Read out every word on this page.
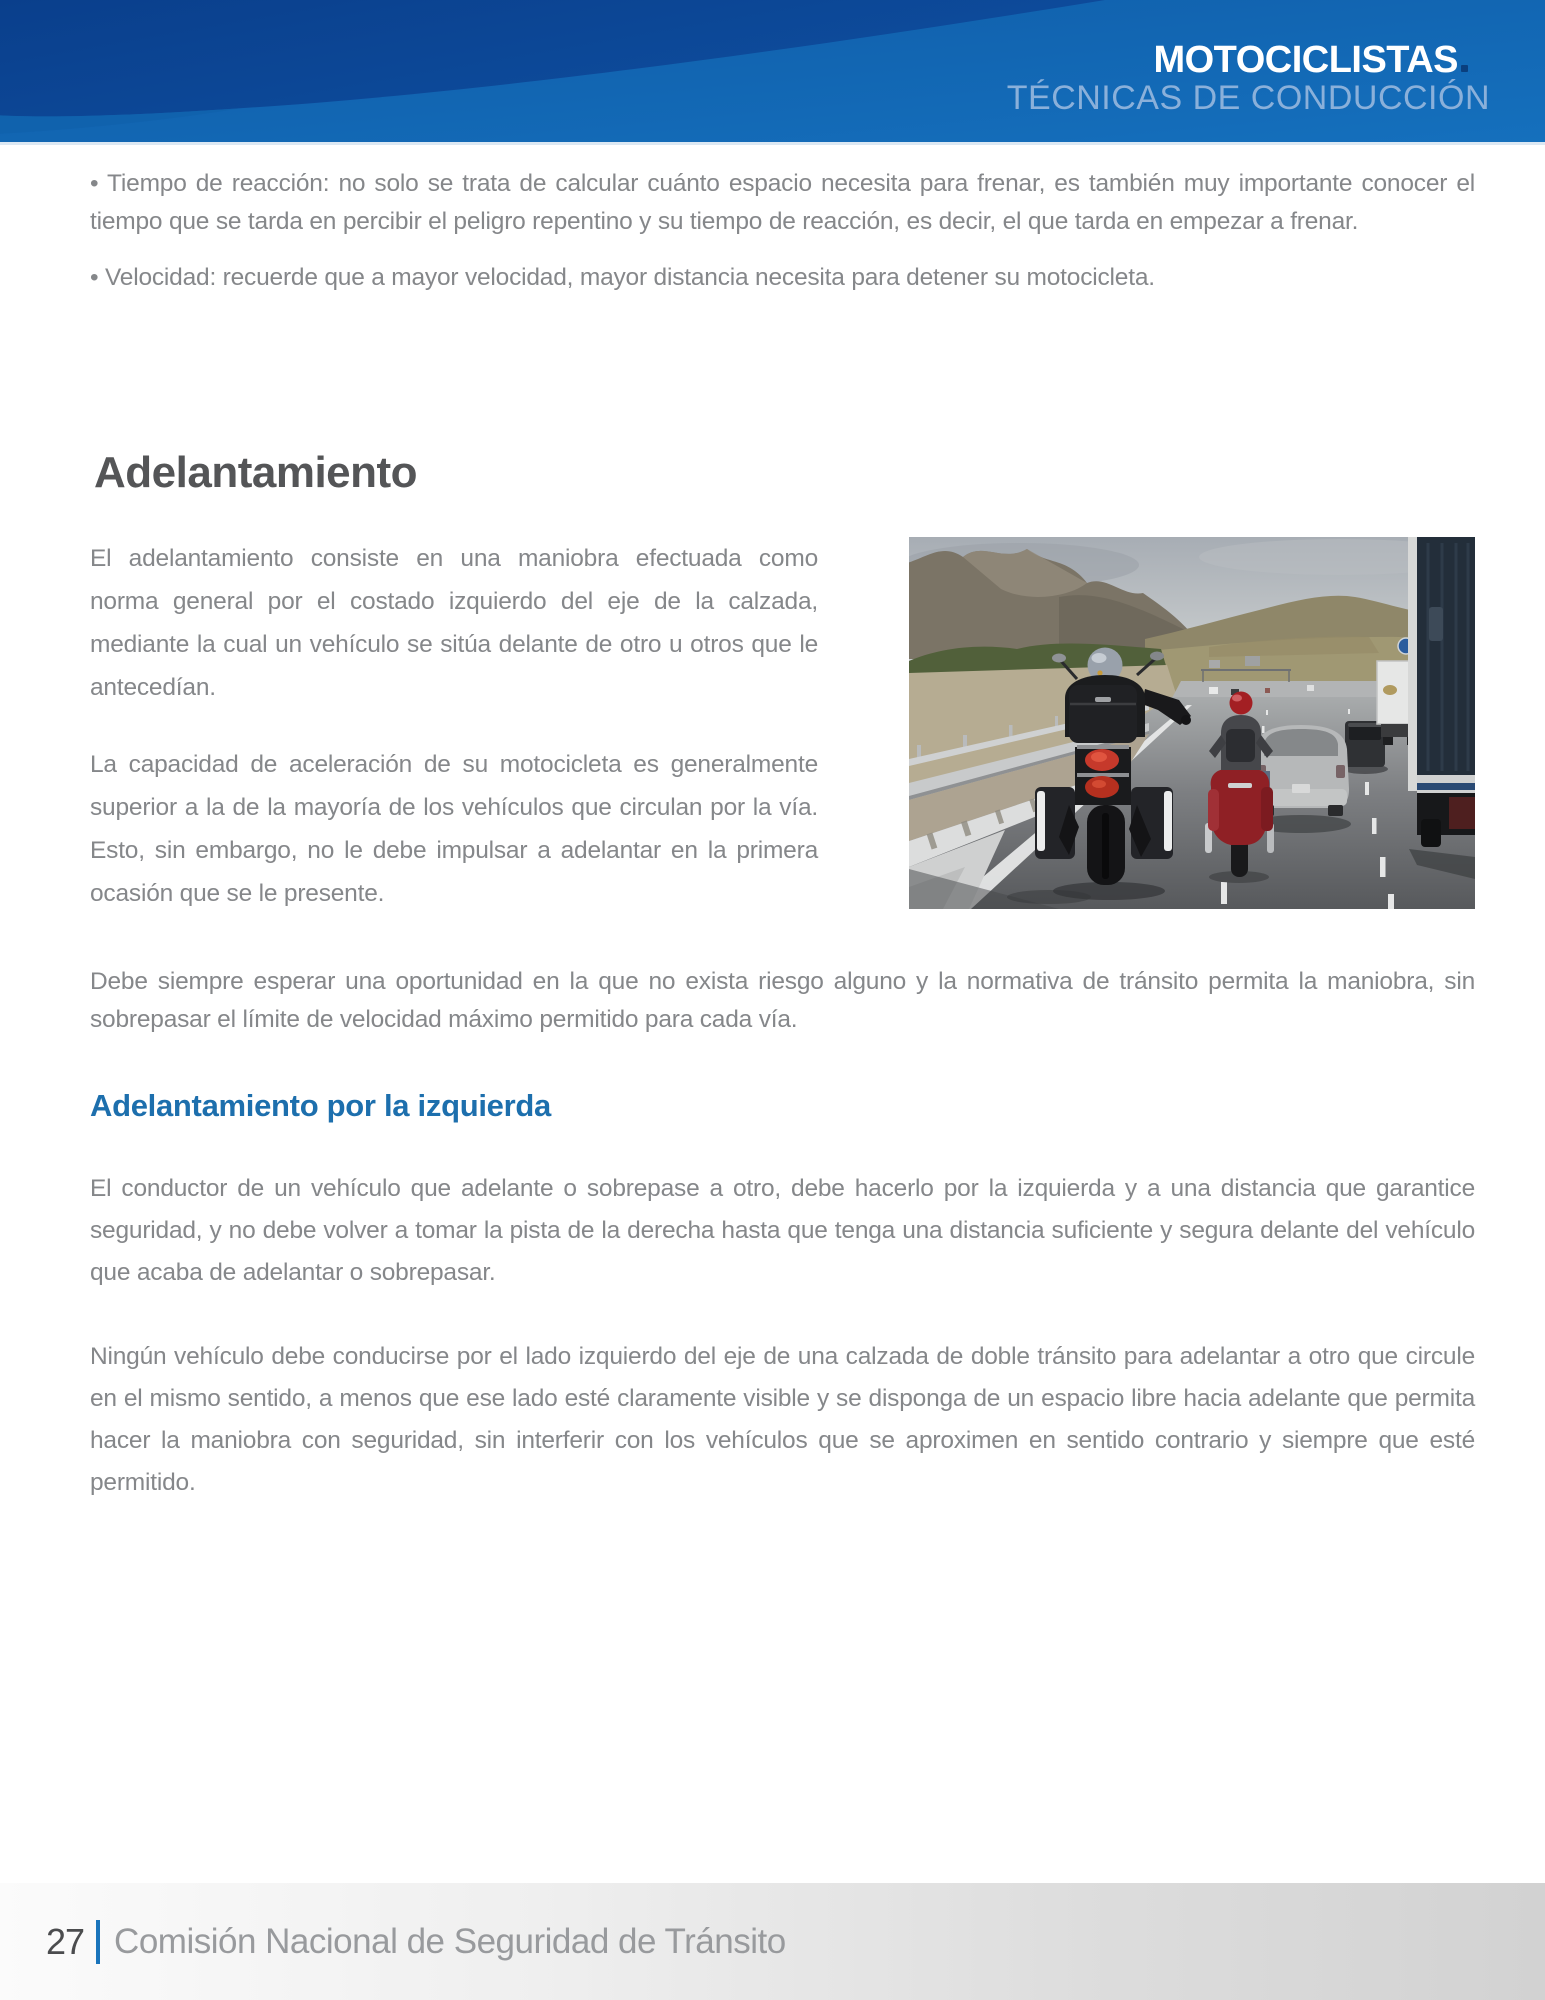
MOTOCICLISTAS
TÉCNICAS DE CONDUCCIÓN

• Tiempo de reacción: no solo se trata de calcular cuánto espacio necesita para frenar, es también muy importante conocer el tiempo que se tarda en percibir el peligro repentino y su tiempo de reacción, es decir, el que tarda en empezar a frenar.

• Velocidad: recuerde que a mayor velocidad, mayor distancia necesita para detener su motocicleta.

Adelantamiento

El adelantamiento consiste en una maniobra efectuada como norma general por el costado izquierdo del eje de la calzada, mediante la cual un vehículo se sitúa delante de otro u otros que le antecedían.

La capacidad de aceleración de su motocicleta es generalmente superior a la de la mayoría de los vehículos que circulan por la vía. Esto, sin embargo, no le debe impulsar a adelantar en la primera ocasión que se le presente.

Debe siempre esperar una oportunidad en la que no exista riesgo alguno y la normativa de tránsito permita la maniobra, sin sobrepasar el límite de velocidad máximo permitido para cada vía.

Adelantamiento por la izquierda

El conductor de un vehículo que adelante o sobrepase a otro, debe hacerlo por la izquierda y a una distancia que garantice seguridad, y no debe volver a tomar la pista de la derecha hasta que tenga una distancia suficiente y segura delante del vehículo que acaba de adelantar o sobrepasar.

Ningún vehículo debe conducirse por el lado izquierdo del eje de una calzada de doble tránsito para adelantar a otro que circule en el mismo sentido, a menos que ese lado esté claramente visible y se disponga de un espacio libre hacia adelante que permita hacer la maniobra con seguridad, sin interferir con los vehículos que se aproximen en sentido contrario y siempre que esté permitido.

27 Comisión Nacional de Seguridad de Tránsito
